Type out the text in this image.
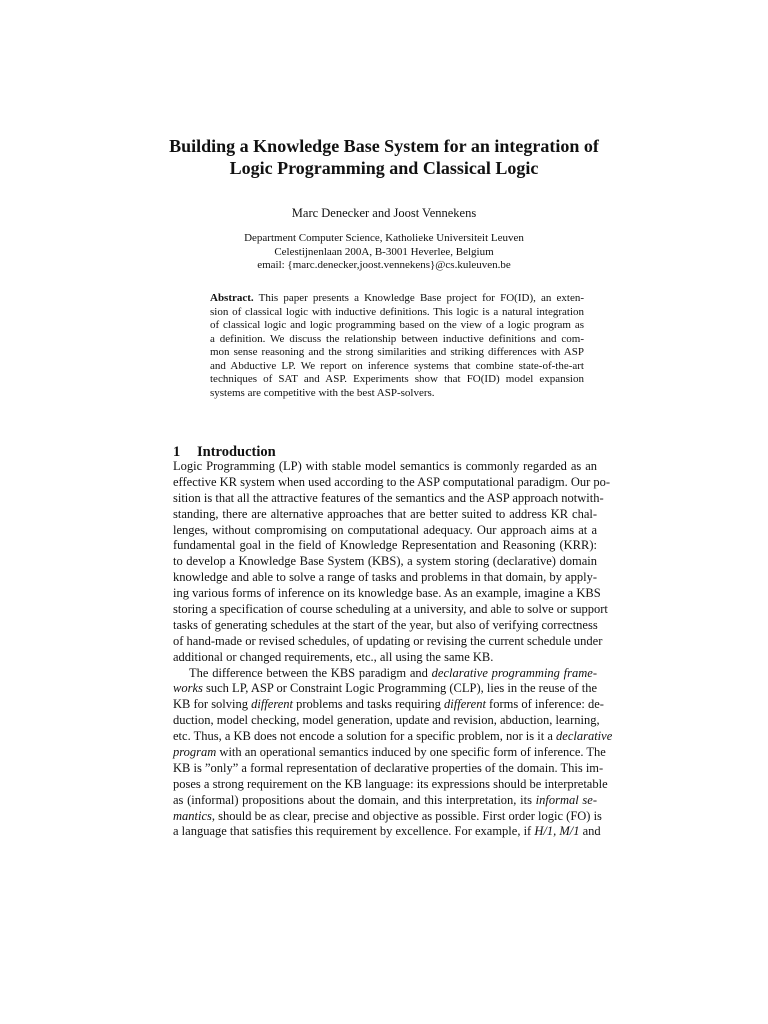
Building a Knowledge Base System for an integration of
Logic Programming and Classical Logic
Marc Denecker and Joost Vennekens
Department Computer Science, Katholieke Universiteit Leuven
Celestijnenlaan 200A, B-3001 Heverlee, Belgium
email: {marc.denecker,joost.vennekens}@cs.kuleuven.be
Abstract. This paper presents a Knowledge Base project for FO(ID), an exten-
sion of classical logic with inductive definitions. This logic is a natural integration
of classical logic and logic programming based on the view of a logic program as
a definition. We discuss the relationship between inductive definitions and com-
mon sense reasoning and the strong similarities and striking differences with ASP
and Abductive LP. We report on inference systems that combine state-of-the-art
techniques of SAT and ASP. Experiments show that FO(ID) model expansion
systems are competitive with the best ASP-solvers.
1 Introduction
Logic Programming (LP) with stable model semantics is commonly regarded as an
effective KR system when used according to the ASP computational paradigm. Our po-
sition is that all the attractive features of the semantics and the ASP approach notwith-
standing, there are alternative approaches that are better suited to address KR chal-
lenges, without compromising on computational adequacy. Our approach aims at a
fundamental goal in the field of Knowledge Representation and Reasoning (KRR):
to develop a Knowledge Base System (KBS), a system storing (declarative) domain
knowledge and able to solve a range of tasks and problems in that domain, by apply-
ing various forms of inference on its knowledge base. As an example, imagine a KBS
storing a specification of course scheduling at a university, and able to solve or support
tasks of generating schedules at the start of the year, but also of verifying correctness
of hand-made or revised schedules, of updating or revising the current schedule under
additional or changed requirements, etc., all using the same KB.
The difference between the KBS paradigm and declarative programming frame-
works such LP, ASP or Constraint Logic Programming (CLP), lies in the reuse of the
KB for solving different problems and tasks requiring different forms of inference: de-
duction, model checking, model generation, update and revision, abduction, learning,
etc. Thus, a KB does not encode a solution for a specific problem, nor is it a declarative
program with an operational semantics induced by one specific form of inference. The
KB is ”only” a formal representation of declarative properties of the domain. This im-
poses a strong requirement on the KB language: its expressions should be interpretable
as (informal) propositions about the domain, and this interpretation, its informal se-
mantics, should be as clear, precise and objective as possible. First order logic (FO) is
a language that satisfies this requirement by excellence. For example, if H/1, M/1 and
